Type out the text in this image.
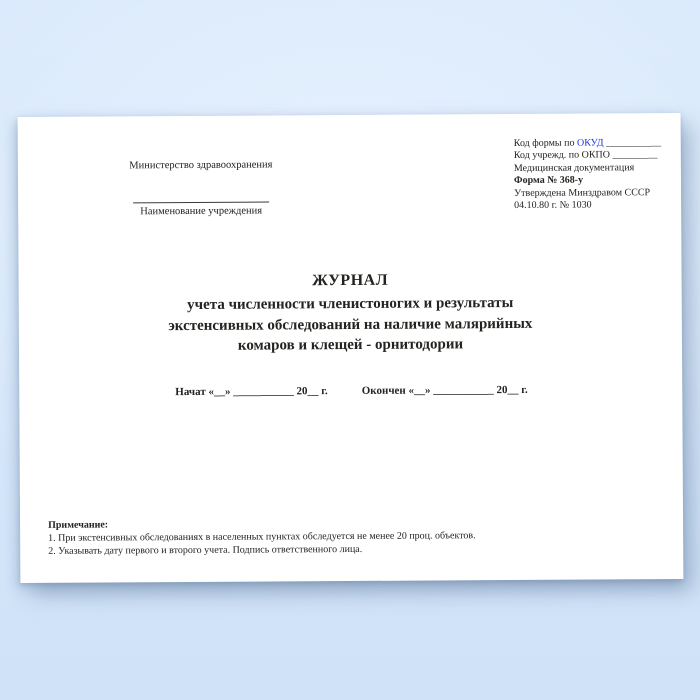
Министерство здравоохранения
Наименование учреждения
Код формы по ОКУД ___________
Код учрежд. по ОКПО _________
Медицинская документация
Форма № 368-у
Утверждена Минздравом СССР
04.10.80 г. № 1030
ЖУРНАЛ
учета численности членистоногих и результаты
экстенсивных обследований на наличие малярийных
комаров и клещей - орнитодории
Начат «__» ___________ 20__ г.	Окончен «__» ___________ 20__ г.
Примечание:
1. При экстенсивных обследованиях в населенных пунктах обследуется не менее 20 проц. объектов.
2. Указывать дату первого и второго учета. Подпись ответственного лица.
